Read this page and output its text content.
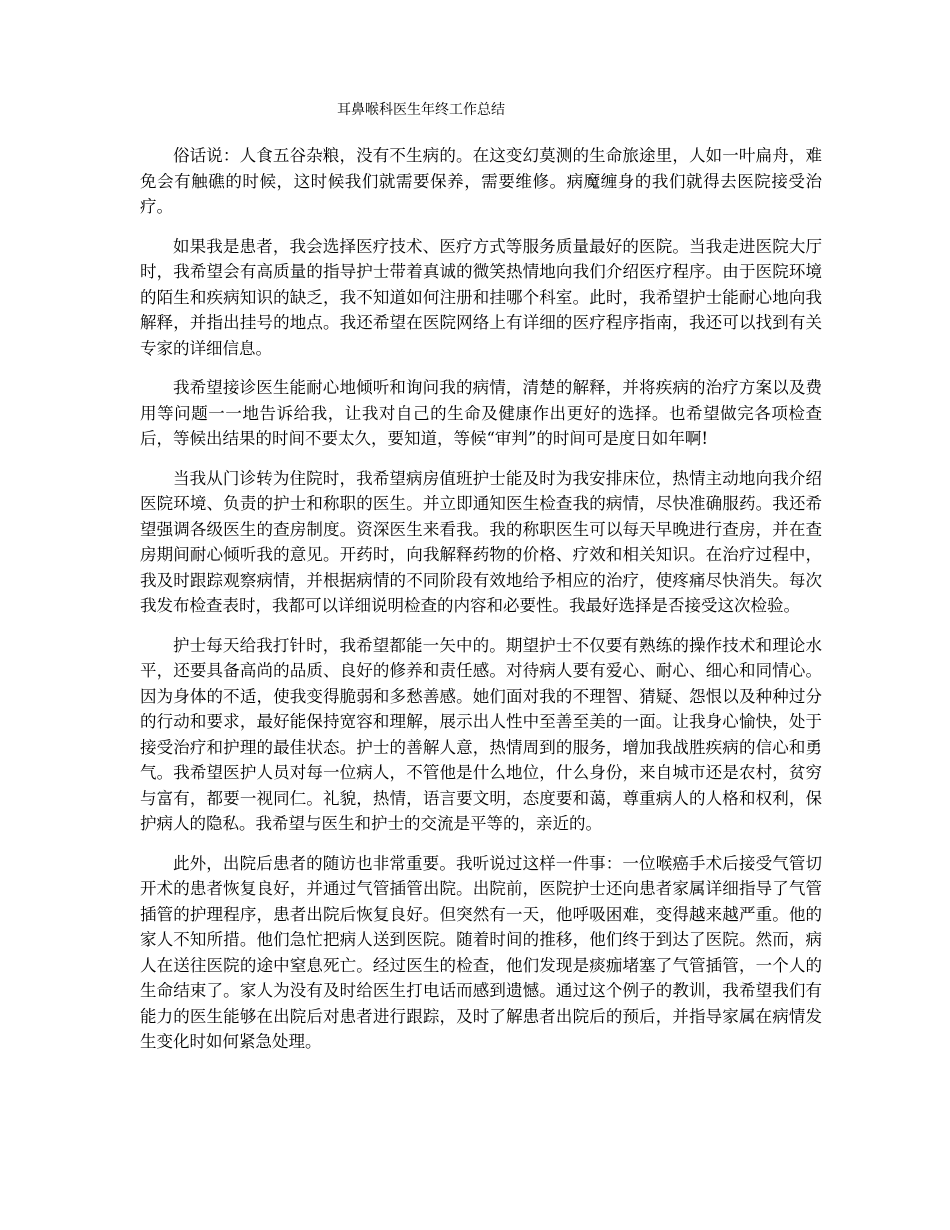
耳鼻喉科医生年终工作总结

俗话说：人食五谷杂粮，没有不生病的。在这变幻莫测的生命旅途里，人如一叶扁舟，难免会有触礁的时候，这时候我们就需要保养，需要维修。病魔缠身的我们就得去医院接受治疗。

如果我是患者，我会选择医疗技术、医疗方式等服务质量最好的医院。当我走进医院大厅时，我希望会有高质量的指导护士带着真诚的微笑热情地向我们介绍医疗程序。由于医院环境的陌生和疾病知识的缺乏，我不知道如何注册和挂哪个科室。此时，我希望护士能耐心地向我解释，并指出挂号的地点。我还希望在医院网络上有详细的医疗程序指南，我还可以找到有关专家的详细信息。

我希望接诊医生能耐心地倾听和询问我的病情，清楚的解释，并将疾病的治疗方案以及费用等问题一一地告诉给我，让我对自己的生命及健康作出更好的选择。也希望做完各项检查后，等候出结果的时间不要太久，要知道，等候“审判”的时间可是度日如年啊!

当我从门诊转为住院时，我希望病房值班护士能及时为我安排床位，热情主动地向我介绍医院环境、负责的护士和称职的医生。并立即通知医生检查我的病情，尽快准确服药。我还希望强调各级医生的查房制度。资深医生来看我。我的称职医生可以每天早晚进行查房，并在查房期间耐心倾听我的意见。开药时，向我解释药物的价格、疗效和相关知识。在治疗过程中，我及时跟踪观察病情，并根据病情的不同阶段有效地给予相应的治疗，使疼痛尽快消失。每次我发布检查表时，我都可以详细说明检查的内容和必要性。我最好选择是否接受这次检验。

护士每天给我打针时，我希望都能一矢中的。期望护士不仅要有熟练的操作技术和理论水平，还要具备高尚的品质、良好的修养和责任感。对待病人要有爱心、耐心、细心和同情心。因为身体的不适，使我变得脆弱和多愁善感。她们面对我的不理智、猜疑、怨恨以及种种过分的行动和要求，最好能保持宽容和理解，展示出人性中至善至美的一面。让我身心愉快，处于接受治疗和护理的最佳状态。护士的善解人意，热情周到的服务，增加我战胜疾病的信心和勇气。我希望医护人员对每一位病人，不管他是什么地位，什么身份，来自城市还是农村，贫穷与富有，都要一视同仁。礼貌，热情，语言要文明，态度要和蔼，尊重病人的人格和权利，保护病人的隐私。我希望与医生和护士的交流是平等的，亲近的。

此外，出院后患者的随访也非常重要。我听说过这样一件事：一位喉癌手术后接受气管切开术的患者恢复良好，并通过气管插管出院。出院前，医院护士还向患者家属详细指导了气管插管的护理程序，患者出院后恢复良好。但突然有一天，他呼吸困难，变得越来越严重。他的家人不知所措。他们急忙把病人送到医院。随着时间的推移，他们终于到达了医院。然而，病人在送往医院的途中窒息死亡。经过医生的检查，他们发现是痰痂堵塞了气管插管，一个人的生命结束了。家人为没有及时给医生打电话而感到遗憾。通过这个例子的教训，我希望我们有能力的医生能够在出院后对患者进行跟踪，及时了解患者出院后的预后，并指导家属在病情发生变化时如何紧急处理。
